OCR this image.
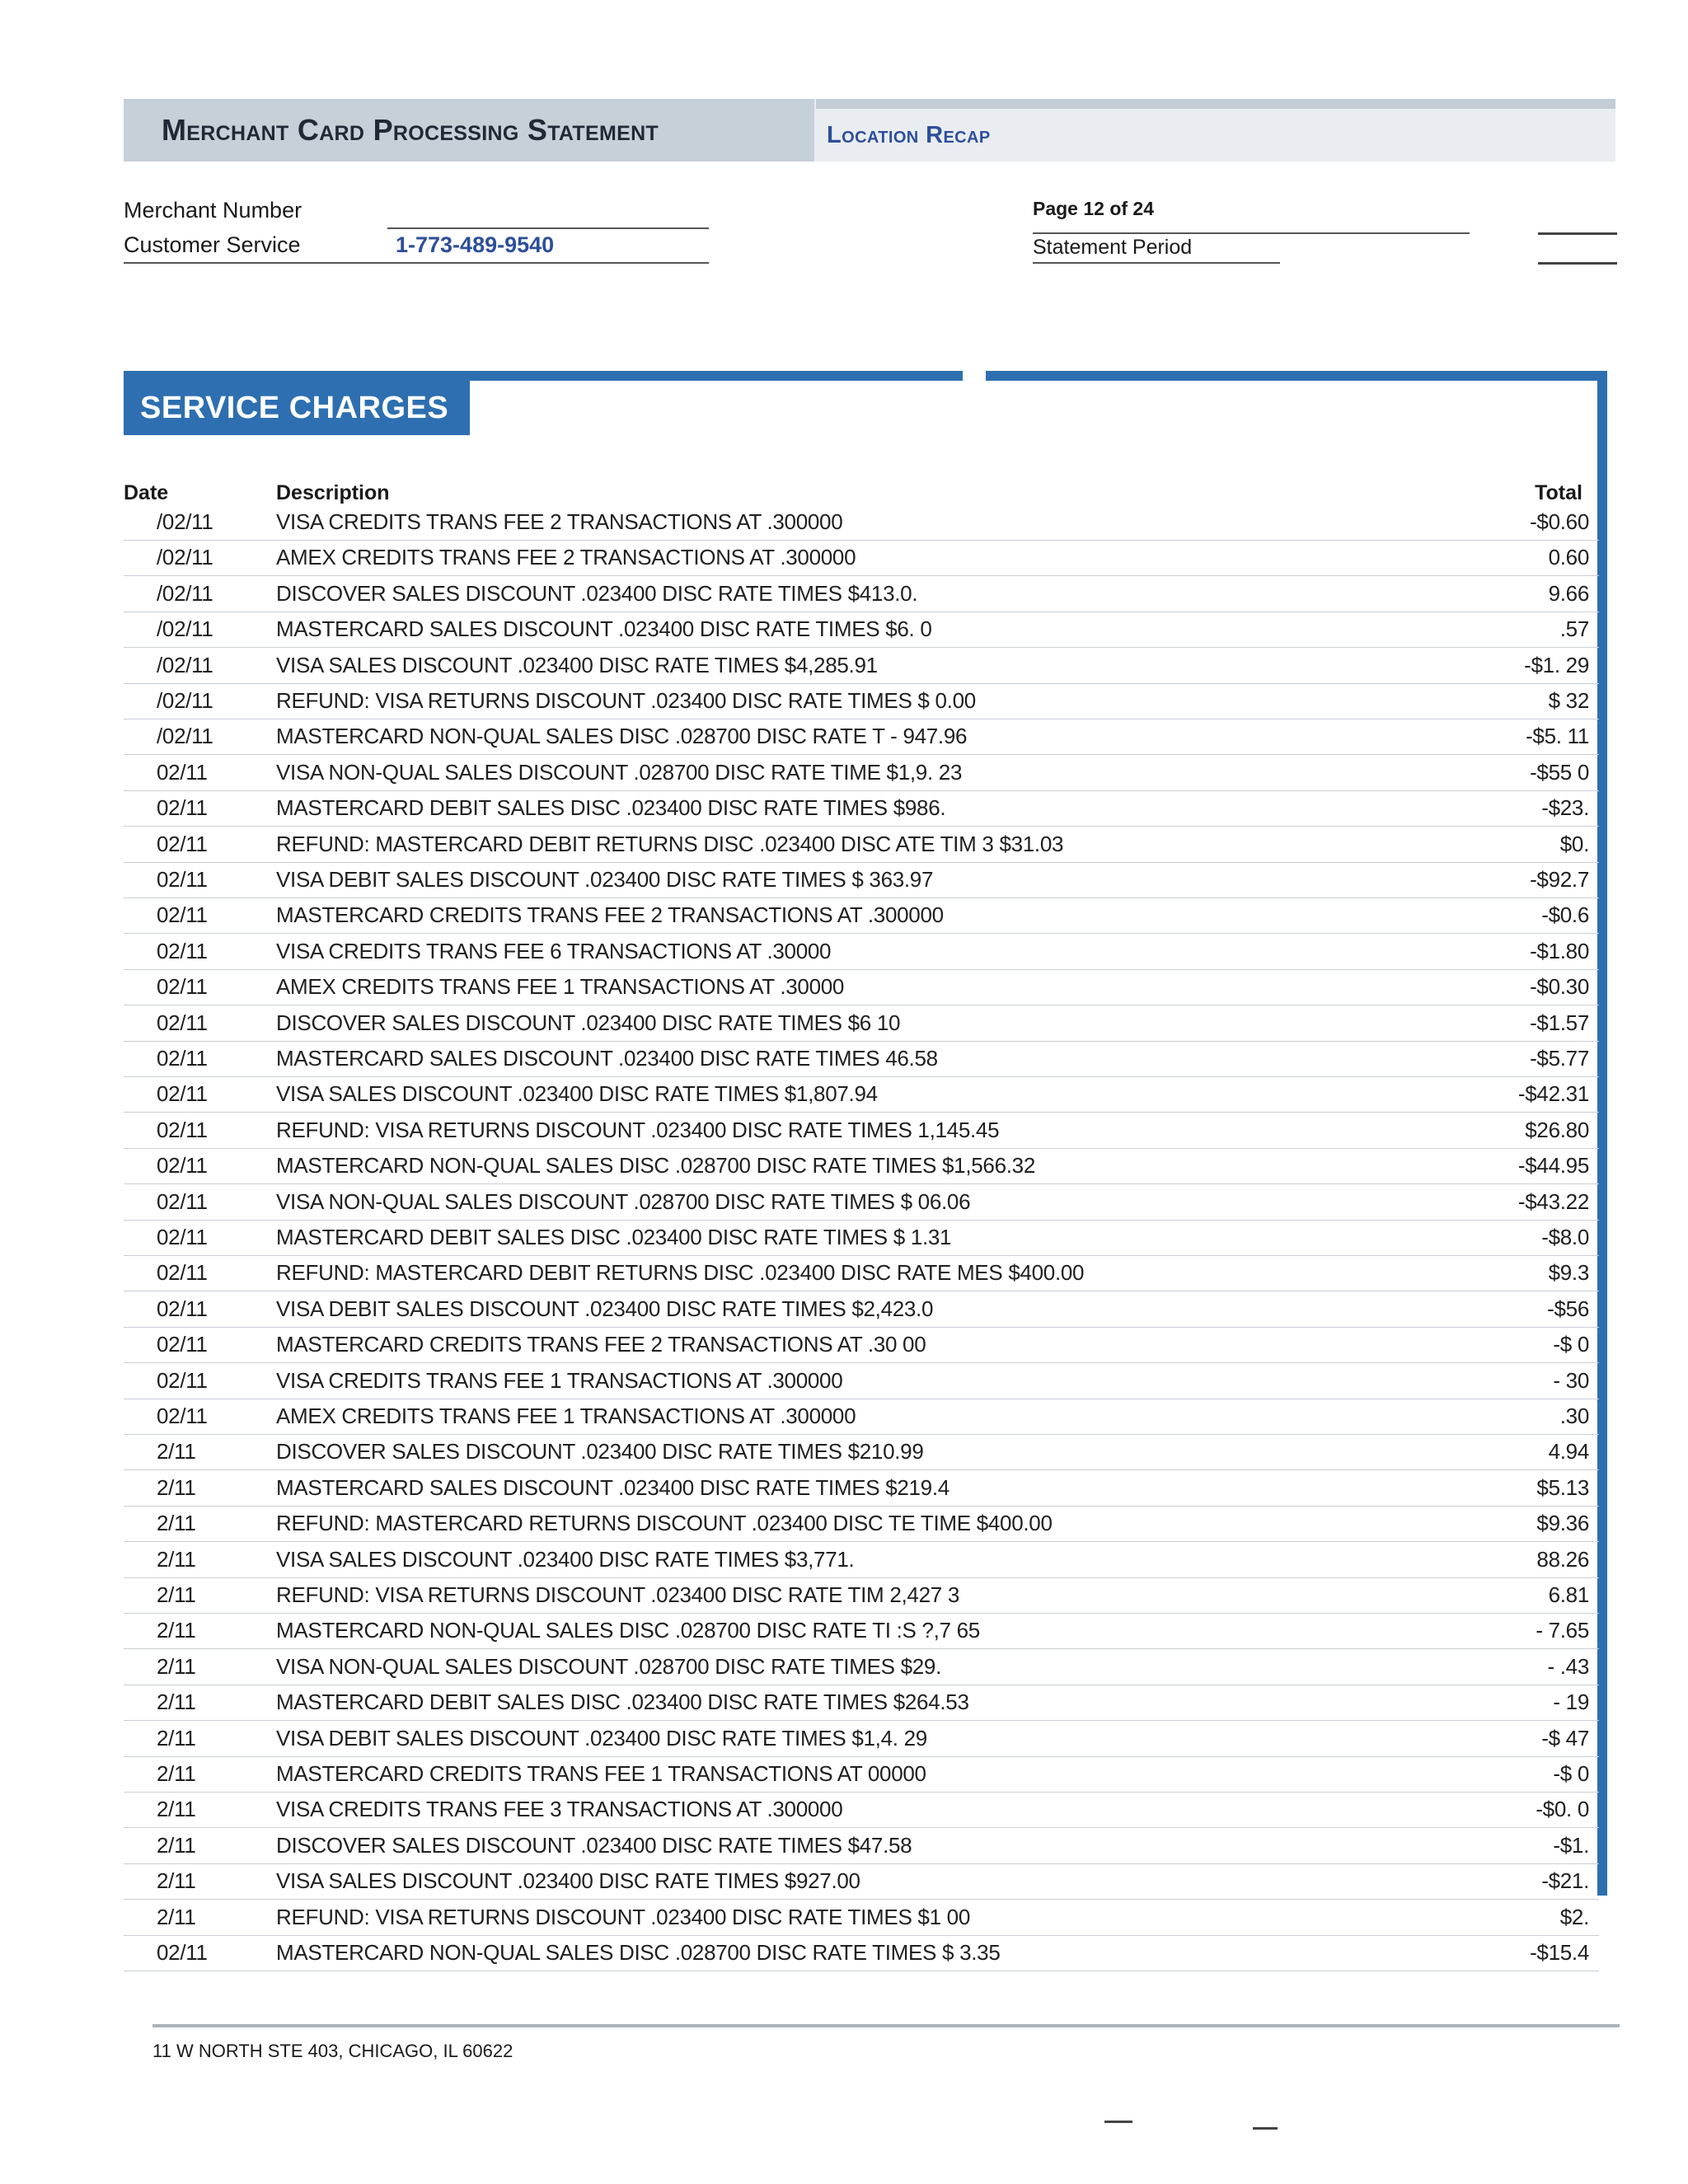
Merchant Card Processing Statement	Location Recap
Merchant Number
Customer Service	1-773-489-9540
Page 12 of 24
Statement Period
SERVICE CHARGES
Date	Description	Total
/02/11	VISA CREDITS TRANS FEE 2 TRANSACTIONS AT .300000	-$0.60
/02/11	AMEX CREDITS TRANS FEE 2 TRANSACTIONS AT .300000	0.60
/02/11	DISCOVER SALES DISCOUNT .023400 DISC RATE TIMES $413.0.	9.66
/02/11	MASTERCARD SALES DISCOUNT .023400 DISC RATE TIMES $6. 0	.57
/02/11	VISA SALES DISCOUNT .023400 DISC RATE TIMES $4,285.91	-$1. 29
/02/11	REFUND: VISA RETURNS DISCOUNT .023400 DISC RATE TIMES $ 0.00	$ 32
/02/11	MASTERCARD NON-QUAL SALES DISC .028700 DISC RATE T - 947.96	-$5. 11
02/11	VISA NON-QUAL SALES DISCOUNT .028700 DISC RATE TIME $1,9. 23	-$55 0
02/11	MASTERCARD DEBIT SALES DISC .023400 DISC RATE TIMES $986.	-$23.
02/11	REFUND: MASTERCARD DEBIT RETURNS DISC .023400 DISC ATE TIM 3 $31.03	$0.
02/11	VISA DEBIT SALES DISCOUNT .023400 DISC RATE TIMES $ 363.97	-$92.7
02/11	MASTERCARD CREDITS TRANS FEE 2 TRANSACTIONS AT .300000	-$0.6
02/11	VISA CREDITS TRANS FEE 6 TRANSACTIONS AT .30000	-$1.80
02/11	AMEX CREDITS TRANS FEE 1 TRANSACTIONS AT .30000	-$0.30
02/11	DISCOVER SALES DISCOUNT .023400 DISC RATE TIMES $6 10	-$1.57
02/11	MASTERCARD SALES DISCOUNT .023400 DISC RATE TIMES 46.58	-$5.77
02/11	VISA SALES DISCOUNT .023400 DISC RATE TIMES $1,807.94	-$42.31
02/11	REFUND: VISA RETURNS DISCOUNT .023400 DISC RATE TIMES 1,145.45	$26.80
02/11	MASTERCARD NON-QUAL SALES DISC .028700 DISC RATE TIMES $1,566.32	-$44.95
02/11	VISA NON-QUAL SALES DISCOUNT .028700 DISC RATE TIMES $ 06.06	-$43.22
02/11	MASTERCARD DEBIT SALES DISC .023400 DISC RATE TIMES $ 1.31	-$8.0
02/11	REFUND: MASTERCARD DEBIT RETURNS DISC .023400 DISC RATE MES $400.00	$9.3
02/11	VISA DEBIT SALES DISCOUNT .023400 DISC RATE TIMES $2,423.0	-$56
02/11	MASTERCARD CREDITS TRANS FEE 2 TRANSACTIONS AT .30 00	-$ 0
02/11	VISA CREDITS TRANS FEE 1 TRANSACTIONS AT .300000	- 30
02/11	AMEX CREDITS TRANS FEE 1 TRANSACTIONS AT .300000	.30
2/11	DISCOVER SALES DISCOUNT .023400 DISC RATE TIMES $210.99	4.94
2/11	MASTERCARD SALES DISCOUNT .023400 DISC RATE TIMES $219.4	$5.13
2/11	REFUND: MASTERCARD RETURNS DISCOUNT .023400 DISC TE TIME $400.00	$9.36
2/11	VISA SALES DISCOUNT .023400 DISC RATE TIMES $3,771.	88.26
2/11	REFUND: VISA RETURNS DISCOUNT .023400 DISC RATE TIM 2,427 3	6.81
2/11	MASTERCARD NON-QUAL SALES DISC .028700 DISC RATE TI :S ?,7 65	- 7.65
2/11	VISA NON-QUAL SALES DISCOUNT .028700 DISC RATE TIMES $29.	- .43
2/11	MASTERCARD DEBIT SALES DISC .023400 DISC RATE TIMES $264.53	- 19
2/11	VISA DEBIT SALES DISCOUNT .023400 DISC RATE TIMES $1,4. 29	-$ 47
2/11	MASTERCARD CREDITS TRANS FEE 1 TRANSACTIONS AT 00000	-$ 0
2/11	VISA CREDITS TRANS FEE 3 TRANSACTIONS AT .300000	-$0. 0
2/11	DISCOVER SALES DISCOUNT .023400 DISC RATE TIMES $47.58	-$1.
2/11	VISA SALES DISCOUNT .023400 DISC RATE TIMES $927.00	-$21.
2/11	REFUND: VISA RETURNS DISCOUNT .023400 DISC RATE TIMES $1 00	$2.
02/11	MASTERCARD NON-QUAL SALES DISC .028700 DISC RATE TIMES $ 3.35	-$15.4
11 W NORTH STE 403, CHICAGO, IL 60622
